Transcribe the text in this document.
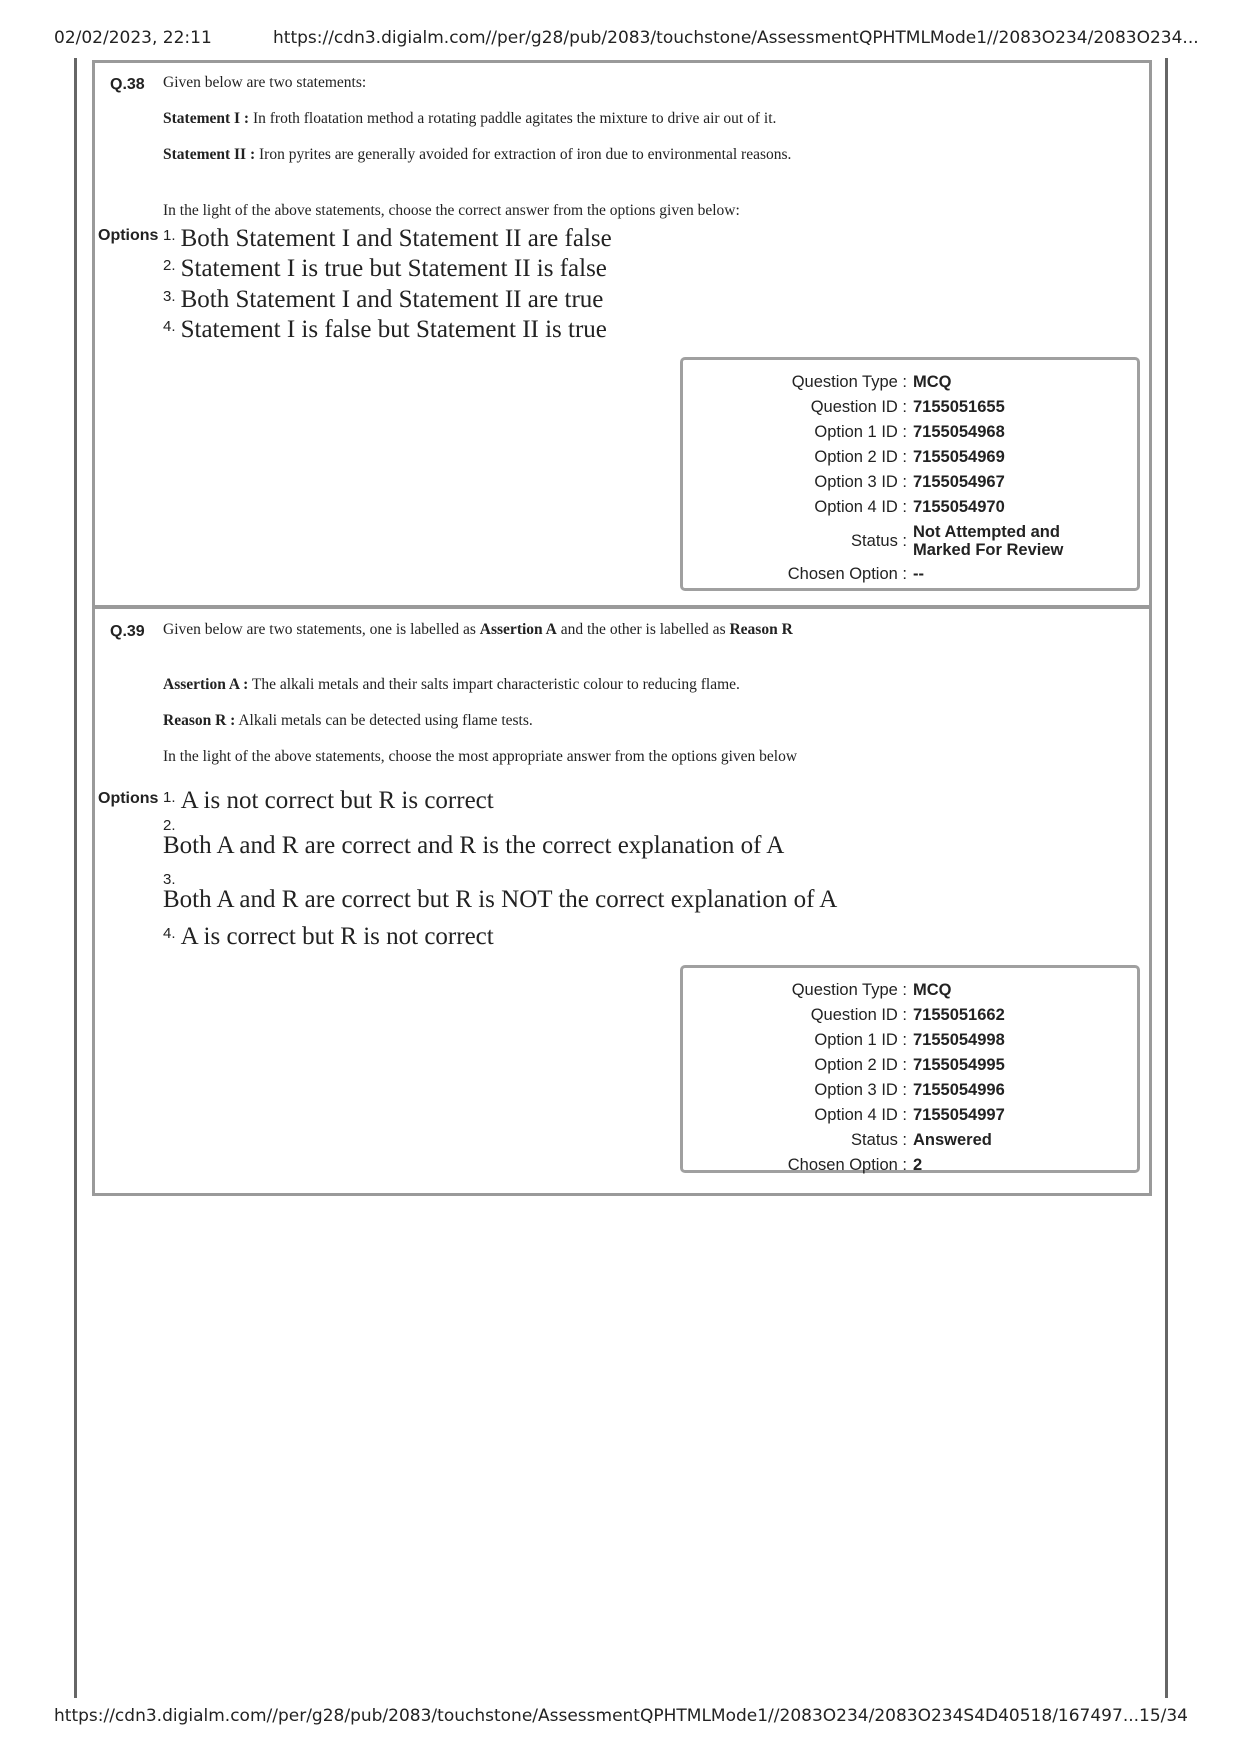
02/02/2023, 22:11	https://cdn3.digialm.com//per/g28/pub/2083/touchstone/AssessmentQPHTMLMode1//2083O234/2083O234...
Q.38 Given below are two statements:
Statement I : In froth floatation method a rotating paddle agitates the mixture to drive air out of it.
Statement II : Iron pyrites are generally avoided for extraction of iron due to environmental reasons.
In the light of the above statements, choose the correct answer from the options given below:
Options 1. Both Statement I and Statement II are false
2. Statement I is true but Statement II is false
3. Both Statement I and Statement II are true
4. Statement I is false but Statement II is true
Question Type :	MCQ
Question ID :	7155051655
Option 1 ID :	7155054968
Option 2 ID :	7155054969
Option 3 ID :	7155054967
Option 4 ID :	7155054970
Status :	Not Attempted and Marked For Review
Chosen Option :	--
Q.39 Given below are two statements, one is labelled as Assertion A and the other is labelled as Reason R
Assertion A : The alkali metals and their salts impart characteristic colour to reducing flame.
Reason R : Alkali metals can be detected using flame tests.
In the light of the above statements, choose the most appropriate answer from the options given below
Options 1. A is not correct but R is correct
2.
Both A and R are correct and R is the correct explanation of A
3.
Both A and R are correct but R is NOT the correct explanation of A
4. A is correct but R is not correct
Question Type :	MCQ
Question ID :	7155051662
Option 1 ID :	7155054998
Option 2 ID :	7155054995
Option 3 ID :	7155054996
Option 4 ID :	7155054997
Status :	Answered
Chosen Option :	2
https://cdn3.digialm.com//per/g28/pub/2083/touchstone/AssessmentQPHTMLMode1//2083O234/2083O234S4D40518/167497... 15/34
